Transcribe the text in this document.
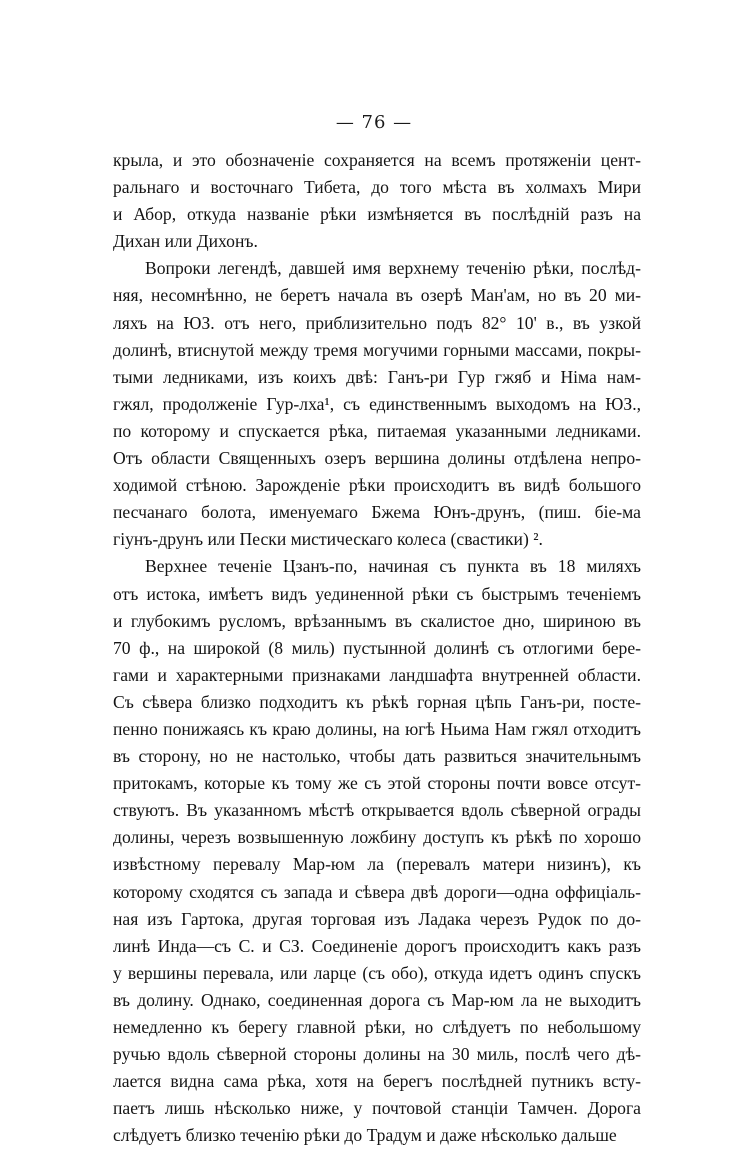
— 76 —
крыла, и это обозначеніе сохраняется на всемъ протяженіи цент-
ральнаго и восточнаго Тибета, до того мѣста въ холмахъ Мири
и Абор, откуда названіе рѣки измѣняется въ послѣдній разъ на
Дихан или Дихонъ.
Вопроки легендѣ, давшей имя верхнему теченію рѣки, послѣд-
няя, несомнѣнно, не беретъ начала въ озерѣ Ман'ам, но въ 20 ми-
ляхъ на ЮЗ. отъ него, приблизительно подъ 82° 10' в., въ узкой
долинѣ, втиснутой между тремя могучими горными массами, покры-
тыми ледниками, изъ коихъ двѣ: Ганъ-ри Гур гжяб и Німа нам-
гжял, продолженіе Гур-лха¹, съ единственнымъ выходомъ на ЮЗ.,
по которому и спускается рѣка, питаемая указанными ледниками.
Отъ области Священныхъ озеръ вершина долины отдѣлена непро-
ходимой стѣною. Зарожденіе рѣки происходитъ въ видѣ большого
песчанаго болота, именуемаго Бжема Юнъ-друнъ, (пиш. біе-ма
гіунъ-друнъ или Пески мистическаго колеса (свастики) ².
Верхнее теченіе Цзанъ-по, начиная съ пункта въ 18 миляхъ
отъ истока, имѣетъ видъ уединенной рѣки съ быстрымъ теченіемъ
и глубокимъ русломъ, врѣзаннымъ въ скалистое дно, шириною въ
70 ф., на широкой (8 миль) пустынной долинѣ съ отлогими бере-
гами и характерными признаками ландшафта внутренней области.
Съ сѣвера близко подходитъ къ рѣкѣ горная цѣпь Ганъ-ри, посте-
пенно понижаясь къ краю долины, на югѣ Ньима Нам гжял отходитъ
въ сторону, но не настолько, чтобы дать развиться значительнымъ
притокамъ, которые къ тому же съ этой стороны почти вовсе отсут-
ствуютъ. Въ указанномъ мѣстѣ открывается вдоль сѣверной ограды
долины, черезъ возвышенную ложбину доступъ къ рѣкѣ по хорошо
извѣстному перевалу Мар-юм ла (перевалъ матери низинъ), къ
которому сходятся съ запада и сѣвера двѣ дороги—одна оффиціаль-
ная изъ Гартока, другая торговая изъ Ладака черезъ Рудок по до-
линѣ Инда—съ С. и СЗ. Соединеніе дорогъ происходитъ какъ разъ
у вершины перевала, или ларце (съ обо), откуда идетъ одинъ спускъ
въ долину. Однако, соединенная дорога съ Мар-юм ла не выходитъ
немедленно къ берегу главной рѣки, но слѣдуетъ по небольшому
ручью вдоль сѣверной стороны долины на 30 миль, послѣ чего дѣ-
лается видна сама рѣка, хотя на берегъ послѣдней путникъ всту-
паетъ лишь нѣсколько ниже, у почтовой станціи Тамчен. Дорога
слѣдуетъ близко теченію рѣки до Традум и даже нѣсколько дальше
